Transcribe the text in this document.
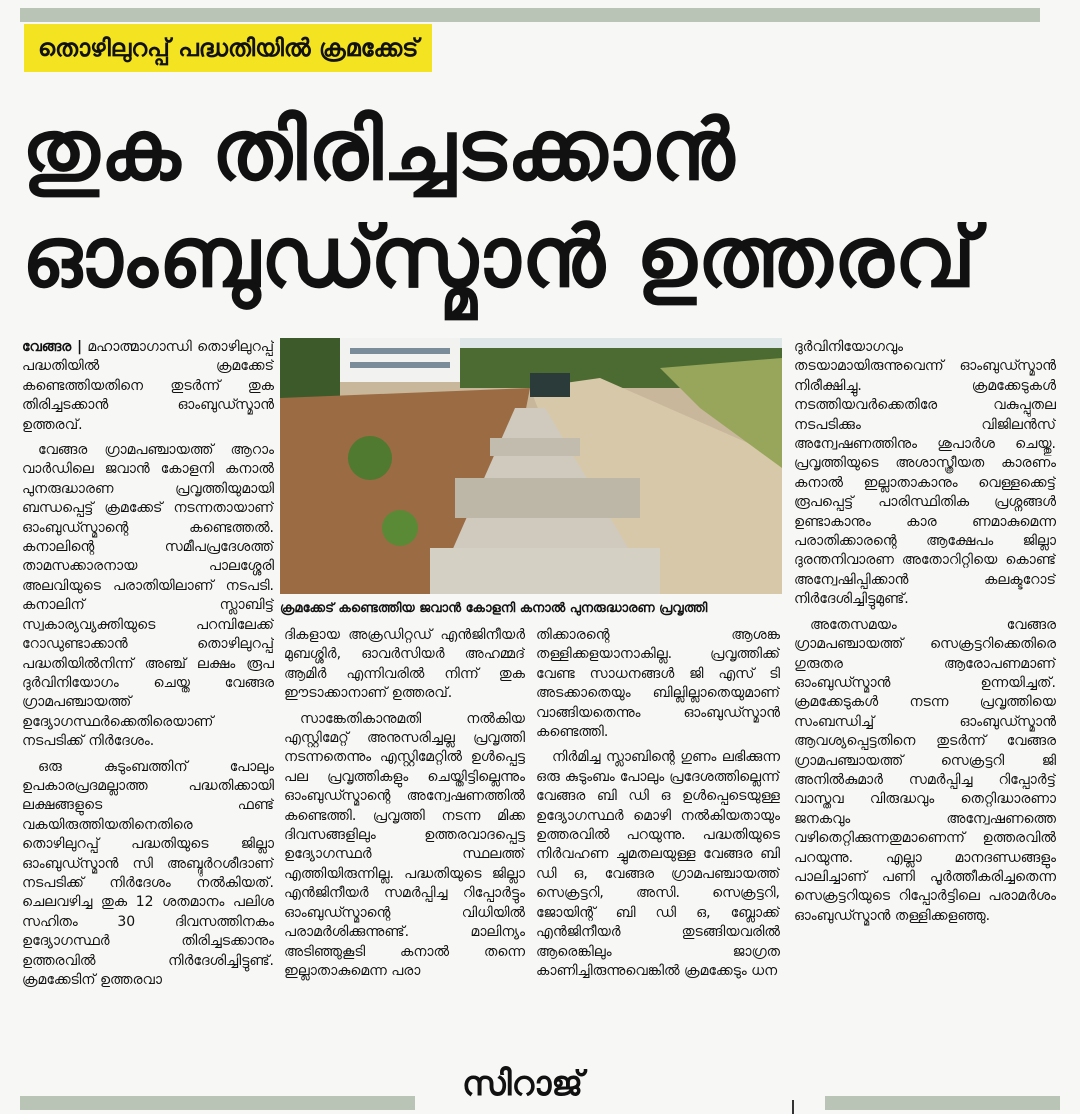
തൊഴിലുറപ്പ് പദ്ധതിയിൽ ക്രമക്കേട്
തുക തിരിച്ചടക്കാൻ
ഓംബുഡ്സ്മാൻ ഉത്തരവ്

വേങ്ങര | മഹാത്മാഗാന്ധി തൊഴിലുറപ്പ് പദ്ധതിയിൽ ക്രമക്കേട് കണ്ടെത്തിയതിനെ തുടർന്ന് തുക തിരിച്ചടക്കാൻ ഓംബുഡ്സ്മാൻ ഉത്തരവ്.

വേങ്ങര ഗ്രാമപഞ്ചായത്ത് ആറാം വാർഡിലെ ജവാൻ കോളനി കനാൽ പുനരുദ്ധാരണ പ്രവൃത്തിയുമായി ബന്ധപ്പെട്ട് ക്രമക്കേട് നടന്നതായാണ് ഓംബുഡ്സ്മാന്റെ കണ്ടെത്തൽ. കനാലിന്റെ സമീപപ്രദേശത്ത് താമസക്കാരനായ പാലശ്ശേരി അലവിയുടെ പരാതിയിലാണ് നടപടി. കനാലിന് സ്ലാബിട്ട് സ്വകാര്യവ്യക്തിയുടെ പറമ്പിലേക്ക് റോഡുണ്ടാക്കാൻ തൊഴിലുറപ്പ് പദ്ധതിയിൽനിന്ന് അഞ്ച് ലക്ഷം രൂപ ദുർവിനിയോഗം ചെയ്ത വേങ്ങര ഗ്രാമപഞ്ചായത്ത് ഉദ്യോഗസ്ഥർക്കെതിരെയാണ് നടപടിക്ക് നിർദേശം.

ഒരു കുടുംബത്തിന് പോലും ഉപകാരപ്രദമല്ലാത്ത പദ്ധതിക്കായി ലക്ഷങ്ങളുടെ ഫണ്ട് വകയിരുത്തിയതിനെതിരെ തൊഴിലുറപ്പ് പദ്ധതിയുടെ ജില്ലാ ഓംബുഡ്സ്മാൻ സി അബ്ദുർറശീദാണ് നടപടിക്ക് നിർദേശം നൽകിയത്. ചെലവഴിച്ച തുക 12 ശതമാനം പലിശ സഹിതം 30 ദിവസത്തിനകം ഉദ്യോഗസ്ഥർ തിരിച്ചടക്കാനും ഉത്തരവിൽ നിർദേശിച്ചിട്ടുണ്ട്. ക്രമക്കേടിന് ഉത്തരവാ

ക്രമക്കേട് കണ്ടെത്തിയ ജവാൻ കോളനി കനാൽ പുനരുദ്ധാരണ പ്രവൃത്തി

ദികളായ അക്രഡിറ്റഡ് എൻജിനീയർ മുബശ്ശിർ, ഓവർസിയർ അഹമ്മദ് ആമിർ എന്നിവരിൽ നിന്ന് തുക ഈടാക്കാനാണ് ഉത്തരവ്.

സാങ്കേതികാനുമതി നൽകിയ എസ്റ്റിമേറ്റ് അനുസരിച്ചല്ല പ്രവൃത്തി നടന്നതെന്നും എസ്റ്റിമേറ്റിൽ ഉൾപ്പെട്ട പല പ്രവൃത്തികളും ചെയ്തിട്ടില്ലെന്നും ഓംബുഡ്സ്മാന്റെ അന്വേഷണത്തിൽ കണ്ടെത്തി. പ്രവൃത്തി നടന്ന മിക്ക ദിവസങ്ങളിലും ഉത്തരവാദപ്പെട്ട ഉദ്യോഗസ്ഥർ സ്ഥലത്ത് എത്തിയിരുന്നില്ല. പദ്ധതിയുടെ ജില്ലാ എൻജിനീയർ സമർപ്പിച്ച റിപ്പോർട്ടും ഓംബുഡ്സ്മാന്റെ വിധിയിൽ പരാമർശിക്കുന്നുണ്ട്. മാലിന്യം അടിഞ്ഞുകൂടി കനാൽ തന്നെ ഇല്ലാതാകുമെന്ന പരാ

തിക്കാരന്റെ ആശങ്ക തള്ളിക്കളയാനാകില്ല. പ്രവൃത്തിക്ക് വേണ്ട സാധനങ്ങൾ ജി എസ് ടി അടക്കാതെയും ബില്ലില്ലാതെയുമാണ് വാങ്ങിയതെന്നും ഓംബുഡ്സ്മാൻ കണ്ടെത്തി.

നിർമിച്ച സ്ലാബിന്റെ ഗുണം ലഭിക്കുന്ന ഒരു കുടുംബം പോലും പ്രദേശത്തില്ലെന്ന് വേങ്ങര ബി ഡി ഒ ഉൾപ്പെടെയുള്ള ഉദ്യോഗസ്ഥർ മൊഴി നൽകിയതായും ഉത്തരവിൽ പറയുന്നു. പദ്ധതിയുടെ നിർവഹണ ച്ചുമതലയുള്ള വേങ്ങര ബി ഡി ഒ, വേങ്ങര ഗ്രാമപഞ്ചായത്ത് സെക്രട്ടറി, അസി. സെക്രട്ടറി, ജോയിന്റ് ബി ഡി ഒ, ബ്ലോക്ക് എൻജിനീയർ തുടങ്ങിയവരിൽ ആരെങ്കിലും ജാഗ്രത കാണിച്ചിരുന്നുവെങ്കിൽ ക്രമക്കേടും ധന

ദുർവിനിയോഗവും തടയാമായിരുന്നുവെന്ന് ഓംബുഡ്സ്മാൻ നിരീക്ഷിച്ചു. ക്രമക്കേടുകൾ നടത്തിയവർക്കെതിരേ വകുപ്പുതല നടപടിക്കും വിജിലൻസ് അന്വേഷണത്തിനും ശുപാർശ ചെയ്തു. പ്രവൃത്തിയുടെ അശാസ്ത്രീയത കാരണം കനാൽ ഇല്ലാതാകാനും വെള്ളക്കെട്ട് രൂപപ്പെട്ട് പാരിസ്ഥിതിക പ്രശ്നങ്ങൾ ഉണ്ടാകാനും കാര ണമാകുമെന്ന പരാതിക്കാരന്റെ ആക്ഷേപം ജില്ലാ ദുരന്തനിവാരണ അതോറിറ്റിയെ കൊണ്ട് അന്വേഷിപ്പിക്കാൻ കലക്ടറോട് നിർദേശിച്ചിട്ടുമുണ്ട്.

അതേസമയം വേങ്ങര ഗ്രാമപഞ്ചായത്ത് സെക്രട്ടറിക്കെതിരെ ഗുരുതര ആരോപണമാണ് ഓംബുഡ്സ്മാൻ ഉന്നയിച്ചത്. ക്രമക്കേടുകൾ നടന്ന പ്രവൃത്തിയെ സംബന്ധിച്ച് ഓംബുഡ്സ്മാൻ ആവശ്യപ്പെട്ടതിനെ തുടർന്ന് വേങ്ങര ഗ്രാമപഞ്ചായത്ത് സെക്രട്ടറി ജി അനിൽകുമാർ സമർപ്പിച്ച റിപ്പോർട്ട് വാസ്തവ വിരുദ്ധവും തെറ്റിദ്ധാരണാ ജനകവും അന്വേഷണത്തെ വഴിതെറ്റിക്കുന്നതുമാണെന്ന് ഉത്തരവിൽ പറയുന്നു. എല്ലാ മാനദണ്ഡങ്ങളും പാലിച്ചാണ് പണി പൂർത്തീകരിച്ചതെന്ന സെക്രട്ടറിയുടെ റിപ്പോർട്ടിലെ പരാമർശം ഓംബുഡ്സ്മാൻ തള്ളിക്കളഞ്ഞു.

സിറാജ്
